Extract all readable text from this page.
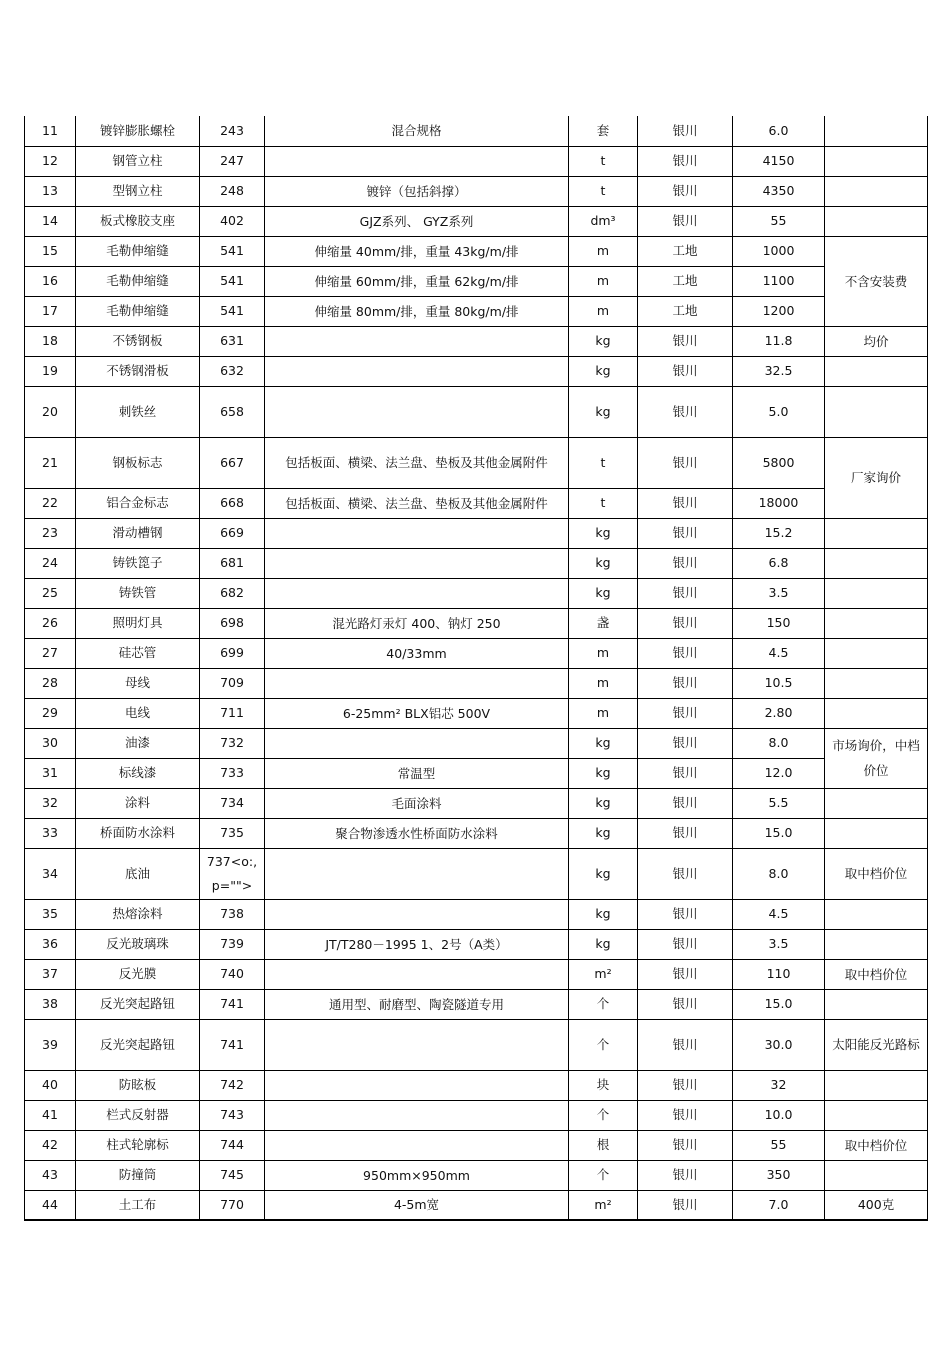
11	镀锌膨胀螺栓	243	混合规格	套	银川	6.0	
12	钢管立柱	247		t	银川	4150	
13	型钢立柱	248	镀锌（包括斜撑）	t	银川	4350	
14	板式橡胶支座	402	GJZ系列、 GYZ系列	dm³	银川	55	
15	毛勒伸缩缝	541	伸缩量 40mm/排，重量 43kg/m/排	m	工地	1000	不含安装费
16	毛勒伸缩缝	541	伸缩量 60mm/排，重量 62kg/m/排	m	工地	1100	
17	毛勒伸缩缝	541	伸缩量 80mm/排，重量 80kg/m/排	m	工地	1200	
18	不锈钢板	631		kg	银川	11.8	均价
19	不锈钢滑板	632		kg	银川	32.5	
20	刺铁丝	658		kg	银川	5.0	
21	钢板标志	667	包括板面、横梁、法兰盘、垫板及其他金属附件	t	银川	5800	厂家询价
22	铝合金标志	668	包括板面、横梁、法兰盘、垫板及其他金属附件	t	银川	18000	
23	滑动槽钢	669		kg	银川	15.2	
24	铸铁箆子	681		kg	银川	6.8	
25	铸铁管	682		kg	银川	3.5	
26	照明灯具	698	混光路灯汞灯 400、钠灯 250	盏	银川	150	
27	硅芯管	699	40/33mm	m	银川	4.5	
28	母线	709		m	银川	10.5	
29	电线	711	6-25mm² BLX铝芯 500V	m	银川	2.80	
30	油漆	732		kg	银川	8.0	市场询价，中档价位
31	标线漆	733	常温型	kg	银川	12.0	
32	涂料	734	毛面涂料	kg	银川	5.5	
33	桥面防水涂料	735	聚合物渗透水性桥面防水涂料	kg	银川	15.0	
34	底油	737<o:, p="">		kg	银川	8.0	取中档价位
35	热熔涂料	738		kg	银川	4.5	
36	反光玻璃珠	739	JT/T280－1995 1、2号（A类）	kg	银川	3.5	
37	反光膜	740		m²	银川	110	取中档价位
38	反光突起路钮	741	通用型、耐磨型、陶瓷隧道专用	个	银川	15.0	
39	反光突起路钮	741		个	银川	30.0	太阳能反光路标
40	防眩板	742		块	银川	32	
41	栏式反射器	743		个	银川	10.0	
42	柱式轮廓标	744		根	银川	55	取中档价位
43	防撞筒	745	950mm×950mm	个	银川	350	
44	土工布	770	4-5m宽	m²	银川	7.0	400克
